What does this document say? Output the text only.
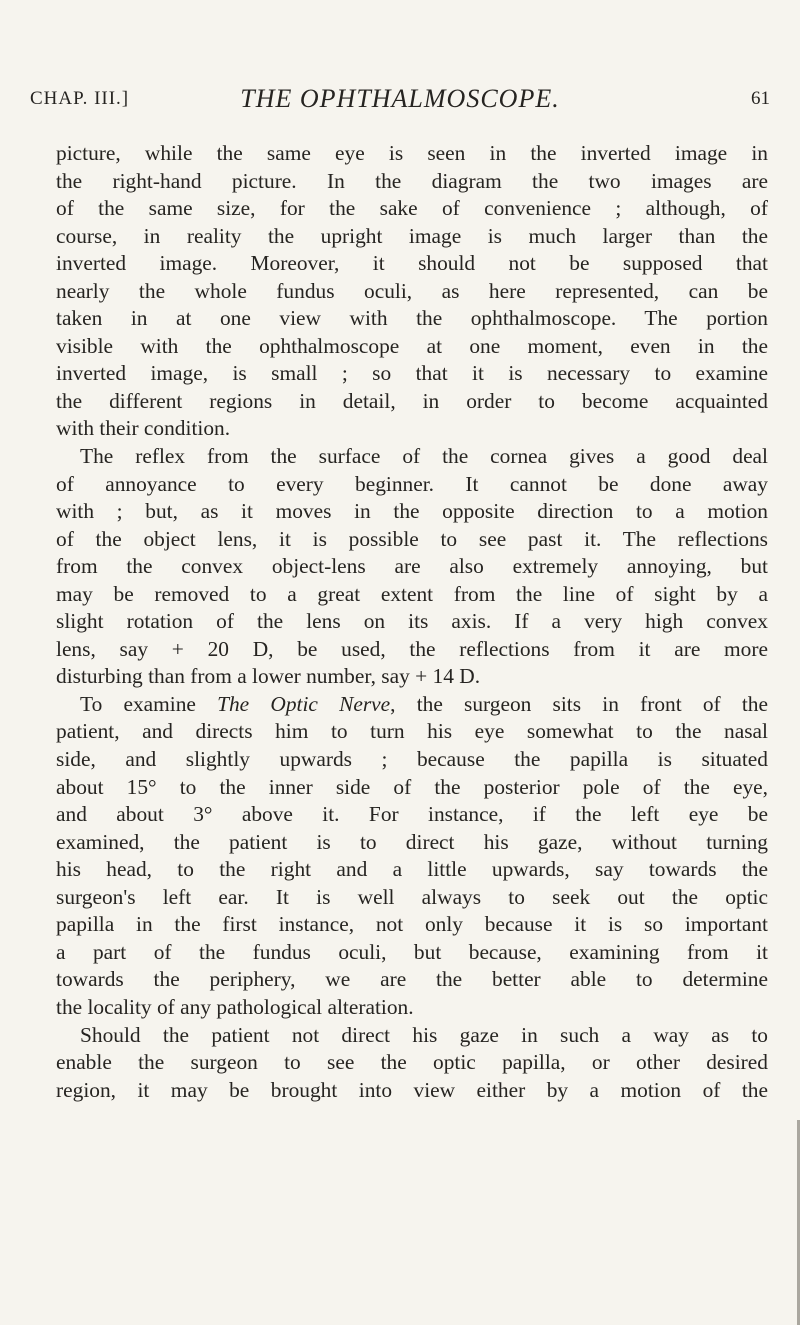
CHAP. III.]	THE OPHTHALMOSCOPE.	61
picture, while the same eye is seen in the inverted image in
the right-hand picture. In the diagram the two images are
of the same size, for the sake of convenience ; although, of
course, in reality the upright image is much larger than the
inverted image. Moreover, it should not be supposed that
nearly the whole fundus oculi, as here represented, can be
taken in at one view with the ophthalmoscope. The portion
visible with the ophthalmoscope at one moment, even in the
inverted image, is small ; so that it is necessary to examine
the different regions in detail, in order to become acquainted
with their condition.
The reflex from the surface of the cornea gives a good deal
of annoyance to every beginner. It cannot be done away
with ; but, as it moves in the opposite direction to a motion
of the object lens, it is possible to see past it. The reflections
from the convex object-lens are also extremely annoying, but
may be removed to a great extent from the line of sight by a
slight rotation of the lens on its axis. If a very high convex
lens, say + 20 D, be used, the reflections from it are more
disturbing than from a lower number, say + 14 D.
To examine The Optic Nerve, the surgeon sits in front of the
patient, and directs him to turn his eye somewhat to the nasal
side, and slightly upwards ; because the papilla is situated
about 15° to the inner side of the posterior pole of the eye,
and about 3° above it. For instance, if the left eye be
examined, the patient is to direct his gaze, without turning
his head, to the right and a little upwards, say towards the
surgeon's left ear. It is well always to seek out the optic
papilla in the first instance, not only because it is so important
a part of the fundus oculi, but because, examining from it
towards the periphery, we are the better able to determine
the locality of any pathological alteration.
Should the patient not direct his gaze in such a way as to
enable the surgeon to see the optic papilla, or other desired
region, it may be brought into view either by a motion of the
